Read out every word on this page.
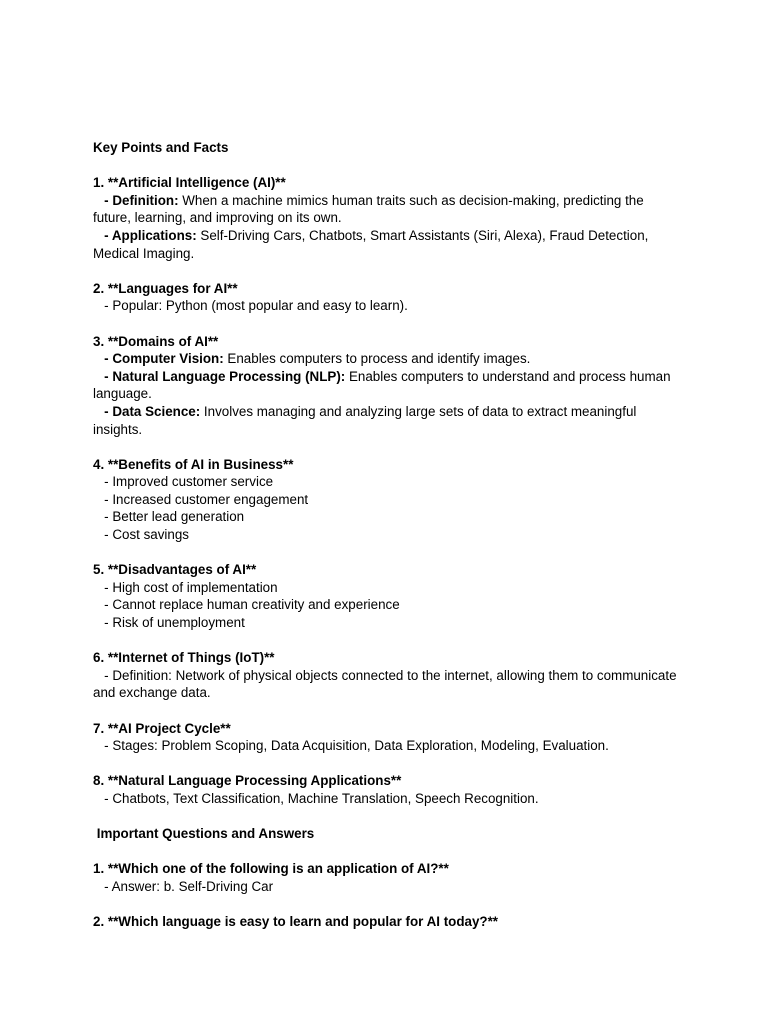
Key Points and Facts
1. **Artificial Intelligence (AI)**
- Definition: When a machine mimics human traits such as decision-making, predicting the future, learning, and improving on its own.
- Applications: Self-Driving Cars, Chatbots, Smart Assistants (Siri, Alexa), Fraud Detection, Medical Imaging.
2. **Languages for AI**
- Popular: Python (most popular and easy to learn).
3. **Domains of AI**
- Computer Vision: Enables computers to process and identify images.
- Natural Language Processing (NLP): Enables computers to understand and process human language.
- Data Science: Involves managing and analyzing large sets of data to extract meaningful insights.
4. **Benefits of AI in Business**
- Improved customer service
- Increased customer engagement
- Better lead generation
- Cost savings
5. **Disadvantages of AI**
- High cost of implementation
- Cannot replace human creativity and experience
- Risk of unemployment
6. **Internet of Things (IoT)**
- Definition: Network of physical objects connected to the internet, allowing them to communicate and exchange data.
7. **AI Project Cycle**
- Stages: Problem Scoping, Data Acquisition, Data Exploration, Modeling, Evaluation.
8. **Natural Language Processing Applications**
- Chatbots, Text Classification, Machine Translation, Speech Recognition.
Important Questions and Answers
1. **Which one of the following is an application of AI?**
- Answer: b. Self-Driving Car
2. **Which language is easy to learn and popular for AI today?**
